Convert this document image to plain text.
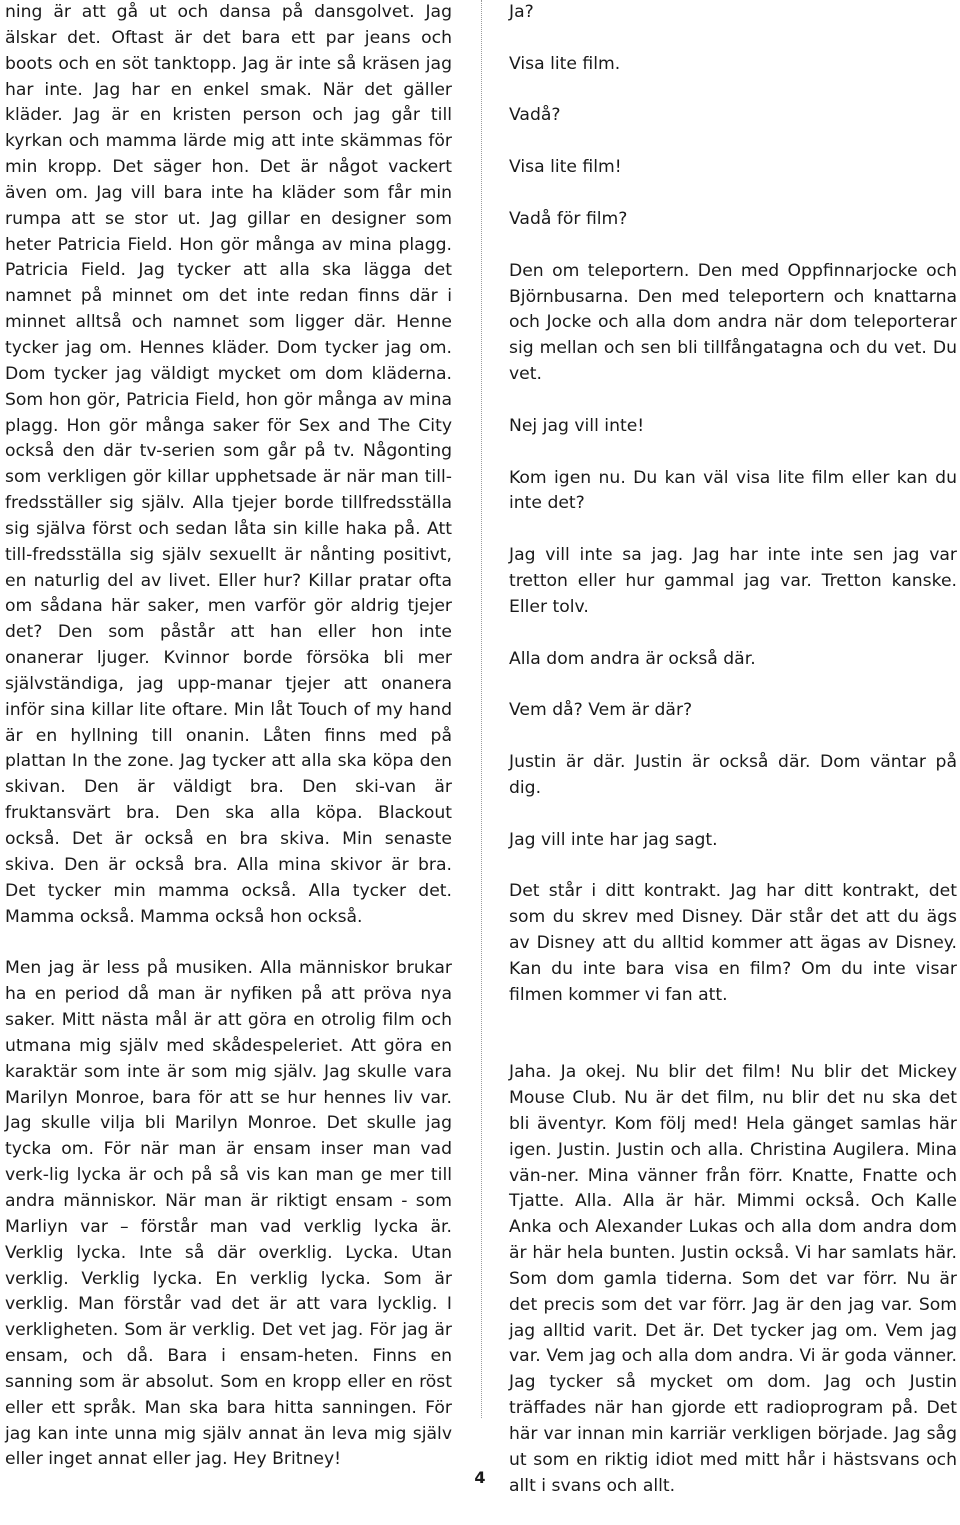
ning är att gå ut och dansa på dansgolvet. Jag älskar det. Oftast är det bara ett par jeans och boots och en söt tanktopp. Jag är inte så kräsen jag har inte. Jag har en enkel smak. När det gäller kläder. Jag är en kristen person och jag går till kyrkan och mamma lärde mig att inte skämmas för min kropp. Det säger hon. Det är något vackert även om. Jag vill bara inte ha kläder som får min rumpa att se stor ut. Jag gillar en designer som heter Patricia Field. Hon gör många av mina plagg. Patricia Field. Jag tycker att alla ska lägga det namnet på minnet om det inte redan finns där i minnet alltså och namnet som ligger där. Henne tycker jag om. Hennes kläder. Dom tycker jag om. Dom tycker jag väldigt mycket om dom kläderna. Som hon gör, Patricia Field, hon gör många av mina plagg. Hon gör många saker för Sex and The City också den där tv-serien som går på tv. Någonting som verkligen gör killar upphetsade är när man till-fredsställer sig själv. Alla tjejer borde tillfredsställa sig själva först och sedan låta sin kille haka på. Att till-fredsställa sig själv sexuellt är nånting positivt, en naturlig del av livet. Eller hur? Killar pratar ofta om sådana här saker, men varför gör aldrig tjejer det? Den som påstår att han eller hon inte onanerar ljuger. Kvinnor borde försöka bli mer självständiga, jag upp-manar tjejer att onanera inför sina killar lite oftare. Min låt Touch of my hand är en hyllning till onanin. Låten finns med på plattan In the zone. Jag tycker att alla ska köpa den skivan. Den är väldigt bra. Den ski-van är fruktansvärt bra. Den ska alla köpa. Blackout också. Det är också en bra skiva. Min senaste skiva. Den är också bra. Alla mina skivor är bra. Det tycker min mamma också. Alla tycker det. Mamma också. Mamma också hon också.

Men jag är less på musiken. Alla människor brukar ha en period då man är nyfiken på att pröva nya saker. Mitt nästa mål är att göra en otrolig film och utmana mig själv med skådespeleriet. Att göra en karaktär som inte är som mig själv. Jag skulle vara Marilyn Monroe, bara för att se hur hennes liv var. Jag skulle vilja bli Marilyn Monroe. Det skulle jag tycka om. För när man är ensam inser man vad verk-lig lycka är och på så vis kan man ge mer till andra människor. När man är riktigt ensam - som Marliyn var – förstår man vad verklig lycka är. Verklig lycka. Inte så där overklig. Lycka. Utan verklig. Verklig lycka. En verklig lycka. Som är verklig. Man förstår vad det är att vara lycklig. I verkligheten. Som är verklig. Det vet jag. För jag är ensam, och då. Bara i ensam-heten. Finns en sanning som är absolut. Som en kropp eller en röst eller ett språk. Man ska bara hitta sanningen. För jag kan inte unna mig själv annat än leva mig själv eller inget annat eller jag. Hey Britney!

Ja?

Visa lite film.

Vadå?

Visa lite film!

Vadå för film?

Den om teleportern. Den med Oppfinnarjocke och Björnbusarna. Den med teleportern och knattarna och Jocke och alla dom andra när dom teleporterar sig mellan och sen bli tillfångatagna och du vet. Du vet.

Nej jag vill inte!

Kom igen nu. Du kan väl visa lite film eller kan du inte det?

Jag vill inte sa jag. Jag har inte inte sen jag var tretton eller hur gammal jag var. Tretton kanske. Eller tolv.

Alla dom andra är också där.

Vem då? Vem är där?

Justin är där. Justin är också där. Dom väntar på dig.

Jag vill inte har jag sagt.

Det står i ditt kontrakt. Jag har ditt kontrakt, det som du skrev med Disney. Där står det att du ägs av Disney att du alltid kommer att ägas av Disney. Kan du inte bara visa en film? Om du inte visar filmen kommer vi fan att.

Jaha. Ja okej. Nu blir det film! Nu blir det Mickey Mouse Club. Nu är det film, nu blir det nu ska det bli äventyr. Kom följ med! Hela gänget samlas här igen. Justin. Justin och alla. Christina Augilera. Mina vän-ner. Mina vänner från förr. Knatte, Fnatte och Tjatte. Alla. Alla är här. Mimmi också. Och Kalle Anka och Alexander Lukas och alla dom andra dom är här hela bunten. Justin också. Vi har samlats här. Som dom gamla tiderna. Som det var förr. Nu är det precis som det var förr. Jag är den jag var. Som jag alltid varit. Det är. Det tycker jag om. Vem jag var. Vem jag och alla dom andra. Vi är goda vänner. Jag tycker så mycket om dom. Jag och Justin träffades när han gjorde ett radioprogram på. Det här var innan min karriär verkligen började. Jag såg ut som en riktig idiot med mitt hår i hästsvans och allt i svans och allt.

4
